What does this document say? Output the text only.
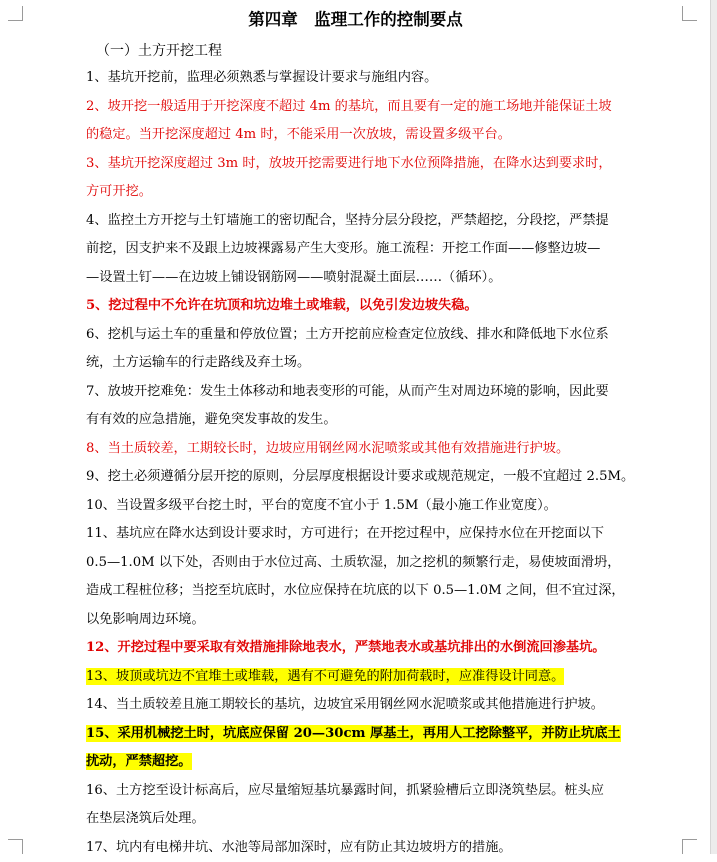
第四章　监理工作的控制要点
（一）土方开挖工程
1、基坑开挖前，监理必须熟悉与掌握设计要求与施组内容。
2、坡开挖一般适用于开挖深度不超过 4m 的基坑，而且要有一定的施工场地并能保证土坡
的稳定。当开挖深度超过 4m 时，不能采用一次放坡，需设置多级平台。
3、基坑开挖深度超过 3m 时，放坡开挖需要进行地下水位预降措施，在降水达到要求时，
方可开挖。
4、监控土方开挖与土钉墙施工的密切配合，坚持分层分段挖，严禁超挖，分段挖，严禁提
前挖，因支护来不及跟上边坡裸露易产生大变形。施工流程：开挖工作面——修整边坡—
—设置土钉——在边坡上铺设钢筋网——喷射混凝土面层……（循环）。
5、挖过程中不允许在坑顶和坑边堆土或堆载，以免引发边坡失稳。
6、挖机与运土车的重量和停放位置；土方开挖前应检查定位放线、排水和降低地下水位系
统，土方运输车的行走路线及弃土场。
7、放坡开挖难免：发生土体移动和地表变形的可能，从而产生对周边环境的影响，因此要
有有效的应急措施，避免突发事故的发生。
8、当土质较差，工期较长时，边坡应用钢丝网水泥喷浆或其他有效措施进行护坡。
9、挖土必须遵循分层开挖的原则，分层厚度根据设计要求或规范规定，一般不宜超过 2.5M。
10、当设置多级平台挖土时，平台的宽度不宜小于 1.5M（最小施工作业宽度）。
11、基坑应在降水达到设计要求时，方可进行；在开挖过程中，应保持水位在开挖面以下
0.5—1.0M 以下处，否则由于水位过高、土质软湿，加之挖机的频繁行走，易使坡面滑坍，
造成工程桩位移；当挖至坑底时，水位应保持在坑底的以下 0.5—1.0M 之间，但不宜过深，
以免影响周边环境。
12、开挖过程中要采取有效措施排除地表水，严禁地表水或基坑排出的水倒流回渗基坑。
13、坡顶或坑边不宜堆土或堆载，遇有不可避免的附加荷载时，应准得设计同意。
14、当土质较差且施工期较长的基坑，边坡宜采用钢丝网水泥喷浆或其他措施进行护坡。
15、采用机械挖土时，坑底应保留 20—30cm 厚基土，再用人工挖除整平，并防止坑底土
扰动，严禁超挖。
16、土方挖至设计标高后，应尽量缩短基坑暴露时间，抓紧验槽后立即浇筑垫层。桩头应
在垫层浇筑后处理。
17、坑内有电梯井坑、水池等局部加深时，应有防止其边坡坍方的措施。
